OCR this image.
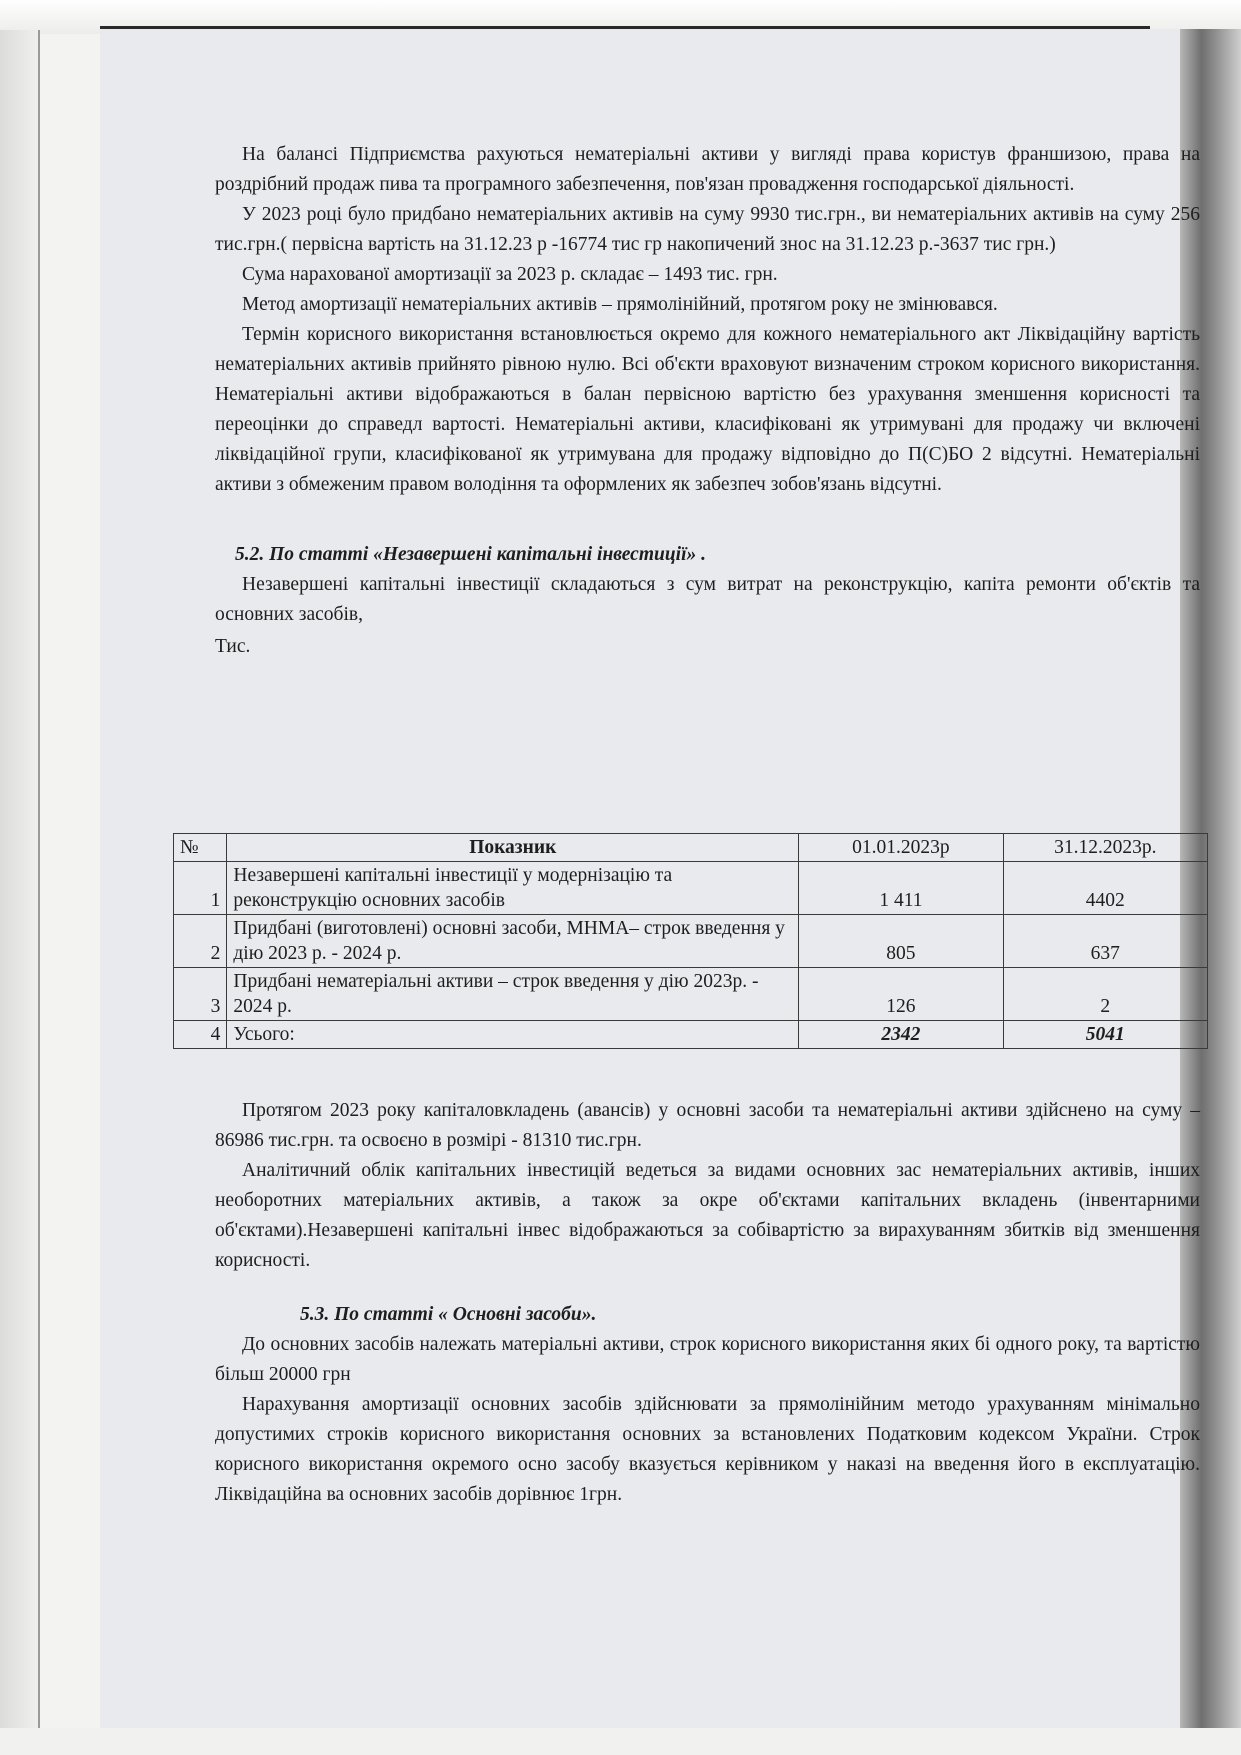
На балансі Підприємства рахуються нематеріальні активи у вигляді права користув франшизою, права на роздрібний продаж пива та програмного забезпечення, пов'язан провадження господарської діяльності.

У 2023 році було придбано нематеріальних активів на суму 9930 тис.грн., ви нематеріальних активів на суму 256 тис.грн.( первісна вартість на 31.12.23 р -16774 тис гр накопичений знос на 31.12.23 р.-3637 тис грн.)

Сума нарахованої амортизації за 2023 р. складає – 1493 тис. грн.

Метод амортизації нематеріальних активів – прямолінійний, протягом року не змінювався.

Термін корисного використання встановлюється окремо для кожного нематеріального акт Ліквідаційну вартість нематеріальних активів прийнято рівною нулю. Всі об'єкти враховуют визначеним строком корисного використання. Нематеріальні активи відображаються в балан первісною вартістю без урахування зменшення корисності та переоцінки до справедл вартості. Нематеріальні активи, класифіковані як утримувані для продажу чи включені ліквідаційної групи, класифікованої як утримувана для продажу відповідно до П(С)БО 2 відсутні. Нематеріальні активи з обмеженим правом володіння та оформлених як забезпеч зобов'язань відсутні.

5.2. По статті «Незавершені капітальні інвестиції» .

Незавершені капітальні інвестиції складаються з сум витрат на реконструкцію, капіта ремонти об'єктів та основних засобів,

Тис.

№	Показник	01.01.2023р	31.12.2023р.
1	Незавершені капітальні інвестиції у модернізацію та реконструкцію основних засобів	1 411	4402
2	Придбані (виготовлені) основні засоби, МНМА– строк введення у дію 2023 р. - 2024 р.	805	637
3	Придбані нематеріальні активи – строк введення у дію 2023р. - 2024 р.	126	2
4	Усього:	2342	5041

Протягом 2023 року капіталовкладень (авансів) у основні засоби та нематеріальні активи здійснено на суму – 86986 тис.грн. та освоєно в розмірі - 81310 тис.грн.

Аналітичний облік капітальних інвестицій ведеться за видами основних зас нематеріальних активів, інших необоротних матеріальних активів, а також за окре об'єктами капітальних вкладень (інвентарними об'єктами).Незавершені капітальні інвес відображаються за собівартістю за вирахуванням збитків від зменшення корисності.

5.3. По статті « Основні засоби».

До основних засобів належать матеріальні активи, строк корисного використання яких бі одного року, та вартістю більш 20000 грн

Нарахування амортизації основних засобів здійснювати за прямолінійним методо урахуванням мінімально допустимих строків корисного використання основних за встановлених Податковим кодексом України. Строк корисного використання окремого осно засобу вказується керівником у наказі на введення його в експлуатацію. Ліквідаційна ва основних засобів дорівнює 1грн.
